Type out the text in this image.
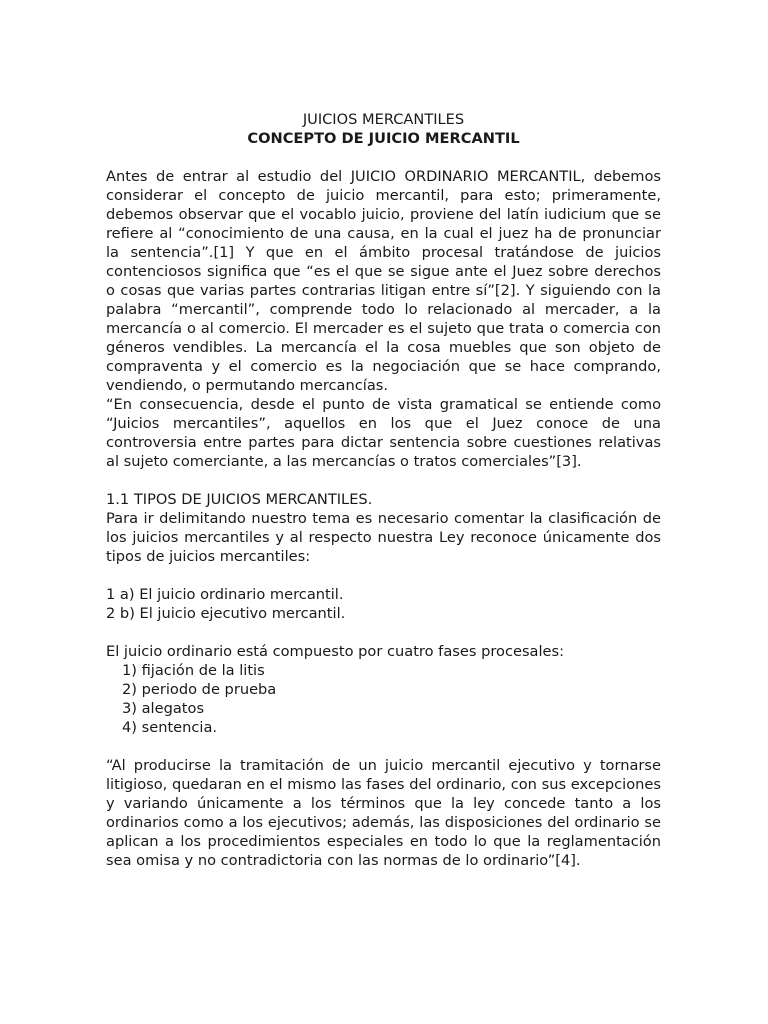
JUICIOS MERCANTILES
CONCEPTO DE JUICIO MERCANTIL

Antes de entrar al estudio del JUICIO ORDINARIO MERCANTIL, debemos considerar el concepto de juicio mercantil, para esto; primeramente, debemos observar que el vocablo juicio, proviene del latín iudicium que se refiere al “conocimiento de una causa, en la cual el juez ha de pronunciar la sentencia”.[1] Y que en el ámbito procesal tratándose de juicios contenciosos significa que “es el que se sigue ante el Juez sobre derechos o cosas que varias partes contrarias litigan entre sí”[2]. Y siguiendo con la palabra “mercantil”, comprende todo lo relacionado al mercader, a la mercancía o al comercio. El mercader es el sujeto que trata o comercia con géneros vendibles. La mercancía el la cosa muebles que son objeto de compraventa y el comercio es la negociación que se hace comprando, vendiendo, o permutando mercancías.

“En consecuencia, desde el punto de vista gramatical se entiende como “Juicios mercantiles”, aquellos en los que el Juez conoce de una controversia entre partes para dictar sentencia sobre cuestiones relativas al sujeto comerciante, a las mercancías o tratos comerciales”[3].

1.1 TIPOS DE JUICIOS MERCANTILES.

Para ir delimitando nuestro tema es necesario comentar la clasificación de los juicios mercantiles y al respecto nuestra Ley reconoce únicamente dos tipos de juicios mercantiles:

1 a) El juicio ordinario mercantil.

2 b) El juicio ejecutivo mercantil.

El juicio ordinario está compuesto por cuatro fases procesales:

1) fijación de la litis
2) periodo de prueba
3) alegatos
4) sentencia.

“Al producirse la tramitación de un juicio mercantil ejecutivo y tornarse litigioso, quedaran en el mismo las fases del ordinario, con sus excepciones y variando únicamente a los términos que la ley concede tanto a los ordinarios como a los ejecutivos; además, las disposiciones del ordinario se aplican a los procedimientos especiales en todo lo que la reglamentación sea omisa y no contradictoria con las normas de lo ordinario”[4].
